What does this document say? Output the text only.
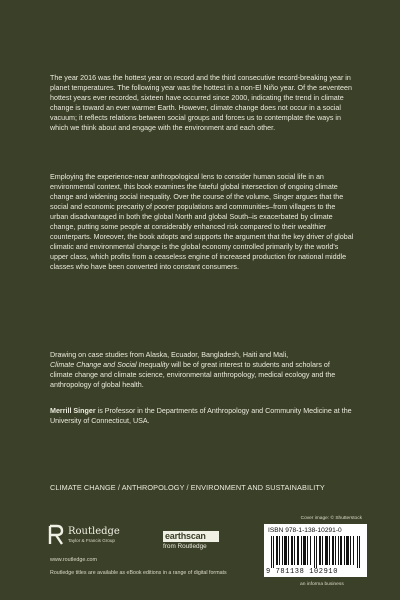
The year 2016 was the hottest year on record and the third consecutive record-breaking year in planet temperatures. The following year was the hottest in a non-El Niño year. Of the seventeen hottest years ever recorded, sixteen have occurred since 2000, indicating the trend in climate change is toward an ever warmer Earth. However, climate change does not occur in a social vacuum; it reflects relations between social groups and forces us to contemplate the ways in which we think about and engage with the environment and each other.

Employing the experience-near anthropological lens to consider human social life in an environmental context, this book examines the fateful global intersection of ongoing climate change and widening social inequality. Over the course of the volume, Singer argues that the social and economic precarity of poorer populations and communities–from villagers to the urban disadvantaged in both the global North and global South–is exacerbated by climate change, putting some people at considerably enhanced risk compared to their wealthier counterparts. Moreover, the book adopts and supports the argument that the key driver of global climatic and environmental change is the global economy controlled primarily by the world's upper class, which profits from a ceaseless engine of increased production for national middle classes who have been converted into constant consumers.

Drawing on case studies from Alaska, Ecuador, Bangladesh, Haiti and Mali,
Climate Change and Social Inequality will be of great interest to students and scholars of climate change and climate science, environmental anthropology, medical ecology and the anthropology of global health.

Merrill Singer is Professor in the Departments of Anthropology and Community Medicine at the University of Connecticut, USA.

CLIMATE CHANGE / ANTHROPOLOGY / ENVIRONMENT AND SUSTAINABILITY
Cover image: © Shutterstock
Routledge
Taylor & Francis Group	earthscan
from Routledge
www.routledge.com
Routledge titles are available as eBook editions in a range of digital formats
ISBN 978-1-138-10291-0
9 781138 102910
an informa business
